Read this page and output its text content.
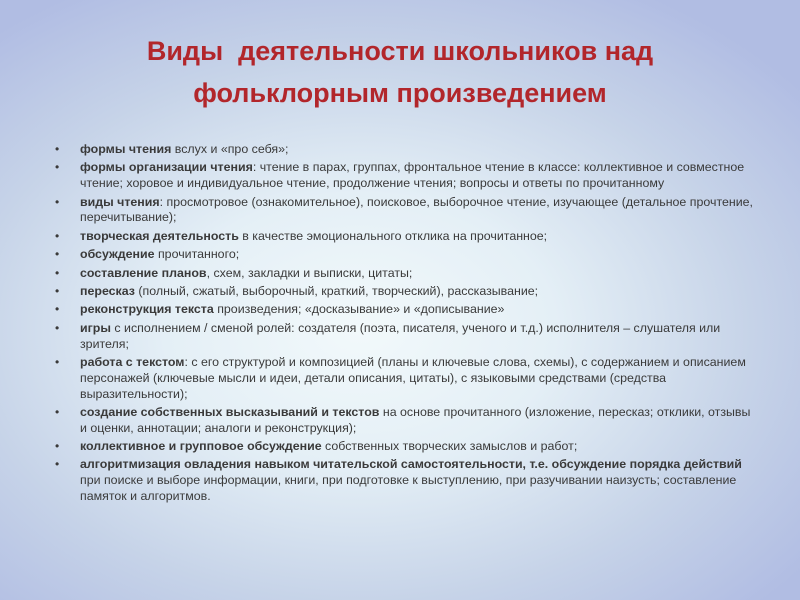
Виды  деятельности школьников над
фольклорным произведением
• формы чтения вслух и «про себя»;
• формы организации чтения: чтение в парах, группах, фронтальное чтение в классе: коллективное и совместное чтение; хоровое и индивидуальное чтение, продолжение чтения; вопросы и ответы по прочитанному
• виды чтения: просмотровое (ознакомительное), поисковое, выборочное чтение, изучающее (детальное прочтение, перечитывание);
• творческая деятельность в качестве эмоционального отклика на прочитанное;
• обсуждение прочитанного;
• составление планов, схем, закладки и выписки, цитаты;
• пересказ (полный, сжатый, выборочный, краткий, творческий), рассказывание;
• реконструкция текста произведения; «досказывание» и «дописывание»
• игры с исполнением / сменой ролей: создателя (поэта, писателя, ученого и т.д.) исполнителя – слушателя или зрителя;
• работа с текстом: с его структурой и композицией (планы и ключевые слова, схемы), с содержанием и описанием персонажей (ключевые мысли и идеи, детали описания, цитаты), с языковыми средствами (средства выразительности);
• создание собственных высказываний и текстов на основе прочитанного (изложение, пересказ; отклики, отзывы и оценки, аннотации; аналоги и реконструкция);
• коллективное и групповое обсуждение собственных творческих замыслов и работ;
• алгоритмизация овладения навыком читательской самостоятельности, т.е. обсуждение порядка действий при поиске и выборе информации, книги, при подготовке к выступлению, при разучивании наизусть; составление памяток и алгоритмов.
